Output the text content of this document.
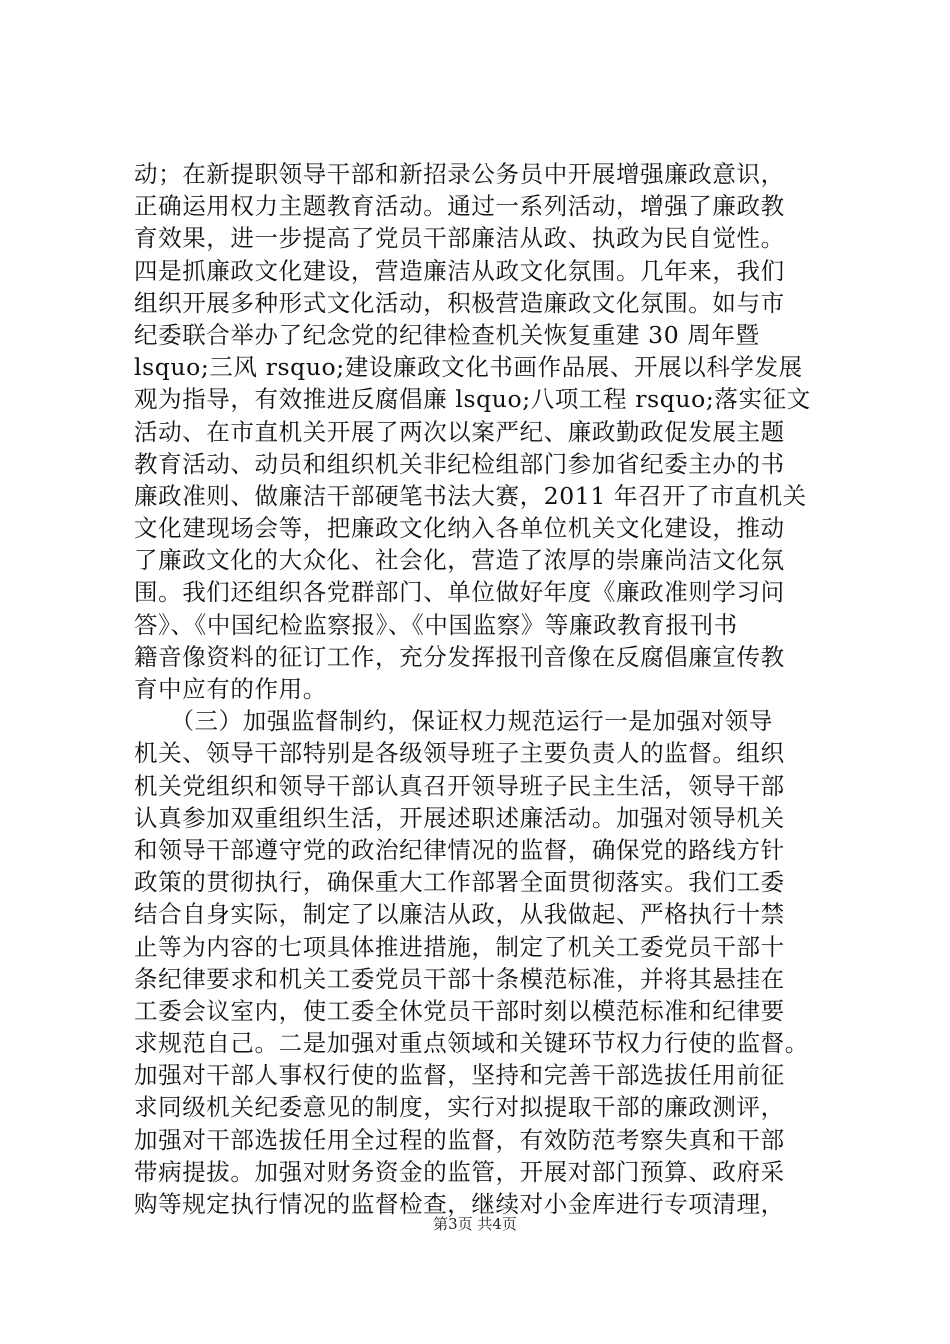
动；在新提职领导干部和新招录公务员中开展增强廉政意识，
正确运用权力主题教育活动。通过一系列活动，增强了廉政教
育效果，进一步提高了党员干部廉洁从政、执政为民自觉性。
四是抓廉政文化建设，营造廉洁从政文化氛围。几年来，我们
组织开展多种形式文化活动，积极营造廉政文化氛围。如与市
纪委联合举办了纪念党的纪律检查机关恢复重建 30 周年暨
lsquo;三风 rsquo;建设廉政文化书画作品展、开展以科学发展
观为指导，有效推进反腐倡廉 lsquo;八项工程 rsquo;落实征文
活动、在市直机关开展了两次以案严纪、廉政勤政促发展主题
教育活动、动员和组织机关非纪检组部门参加省纪委主办的书
廉政准则、做廉洁干部硬笔书法大赛，2011 年召开了市直机关
文化建现场会等，把廉政文化纳入各单位机关文化建设，推动
了廉政文化的大众化、社会化，营造了浓厚的崇廉尚洁文化氛
围。我们还组织各党群部门、单位做好年度《廉政准则学习问
答》、《中国纪检监察报》、《中国监察》等廉政教育报刊书
籍音像资料的征订工作，充分发挥报刊音像在反腐倡廉宣传教
育中应有的作用。
　　（三）加强监督制约，保证权力规范运行一是加强对领导
机关、领导干部特别是各级领导班子主要负责人的监督。组织
机关党组织和领导干部认真召开领导班子民主生活，领导干部
认真参加双重组织生活，开展述职述廉活动。加强对领导机关
和领导干部遵守党的政治纪律情况的监督，确保党的路线方针
政策的贯彻执行，确保重大工作部署全面贯彻落实。我们工委
结合自身实际，制定了以廉洁从政，从我做起、严格执行十禁
止等为内容的七项具体推进措施，制定了机关工委党员干部十
条纪律要求和机关工委党员干部十条模范标准，并将其悬挂在
工委会议室内，使工委全休党员干部时刻以模范标准和纪律要
求规范自己。二是加强对重点领域和关键环节权力行使的监督。
加强对干部人事权行使的监督，坚持和完善干部选拔任用前征
求同级机关纪委意见的制度，实行对拟提取干部的廉政测评，
加强对干部选拔任用全过程的监督，有效防范考察失真和干部
带病提拔。加强对财务资金的监管，开展对部门预算、政府采
购等规定执行情况的监督检查，继续对小金库进行专项清理，
第3页 共4页
